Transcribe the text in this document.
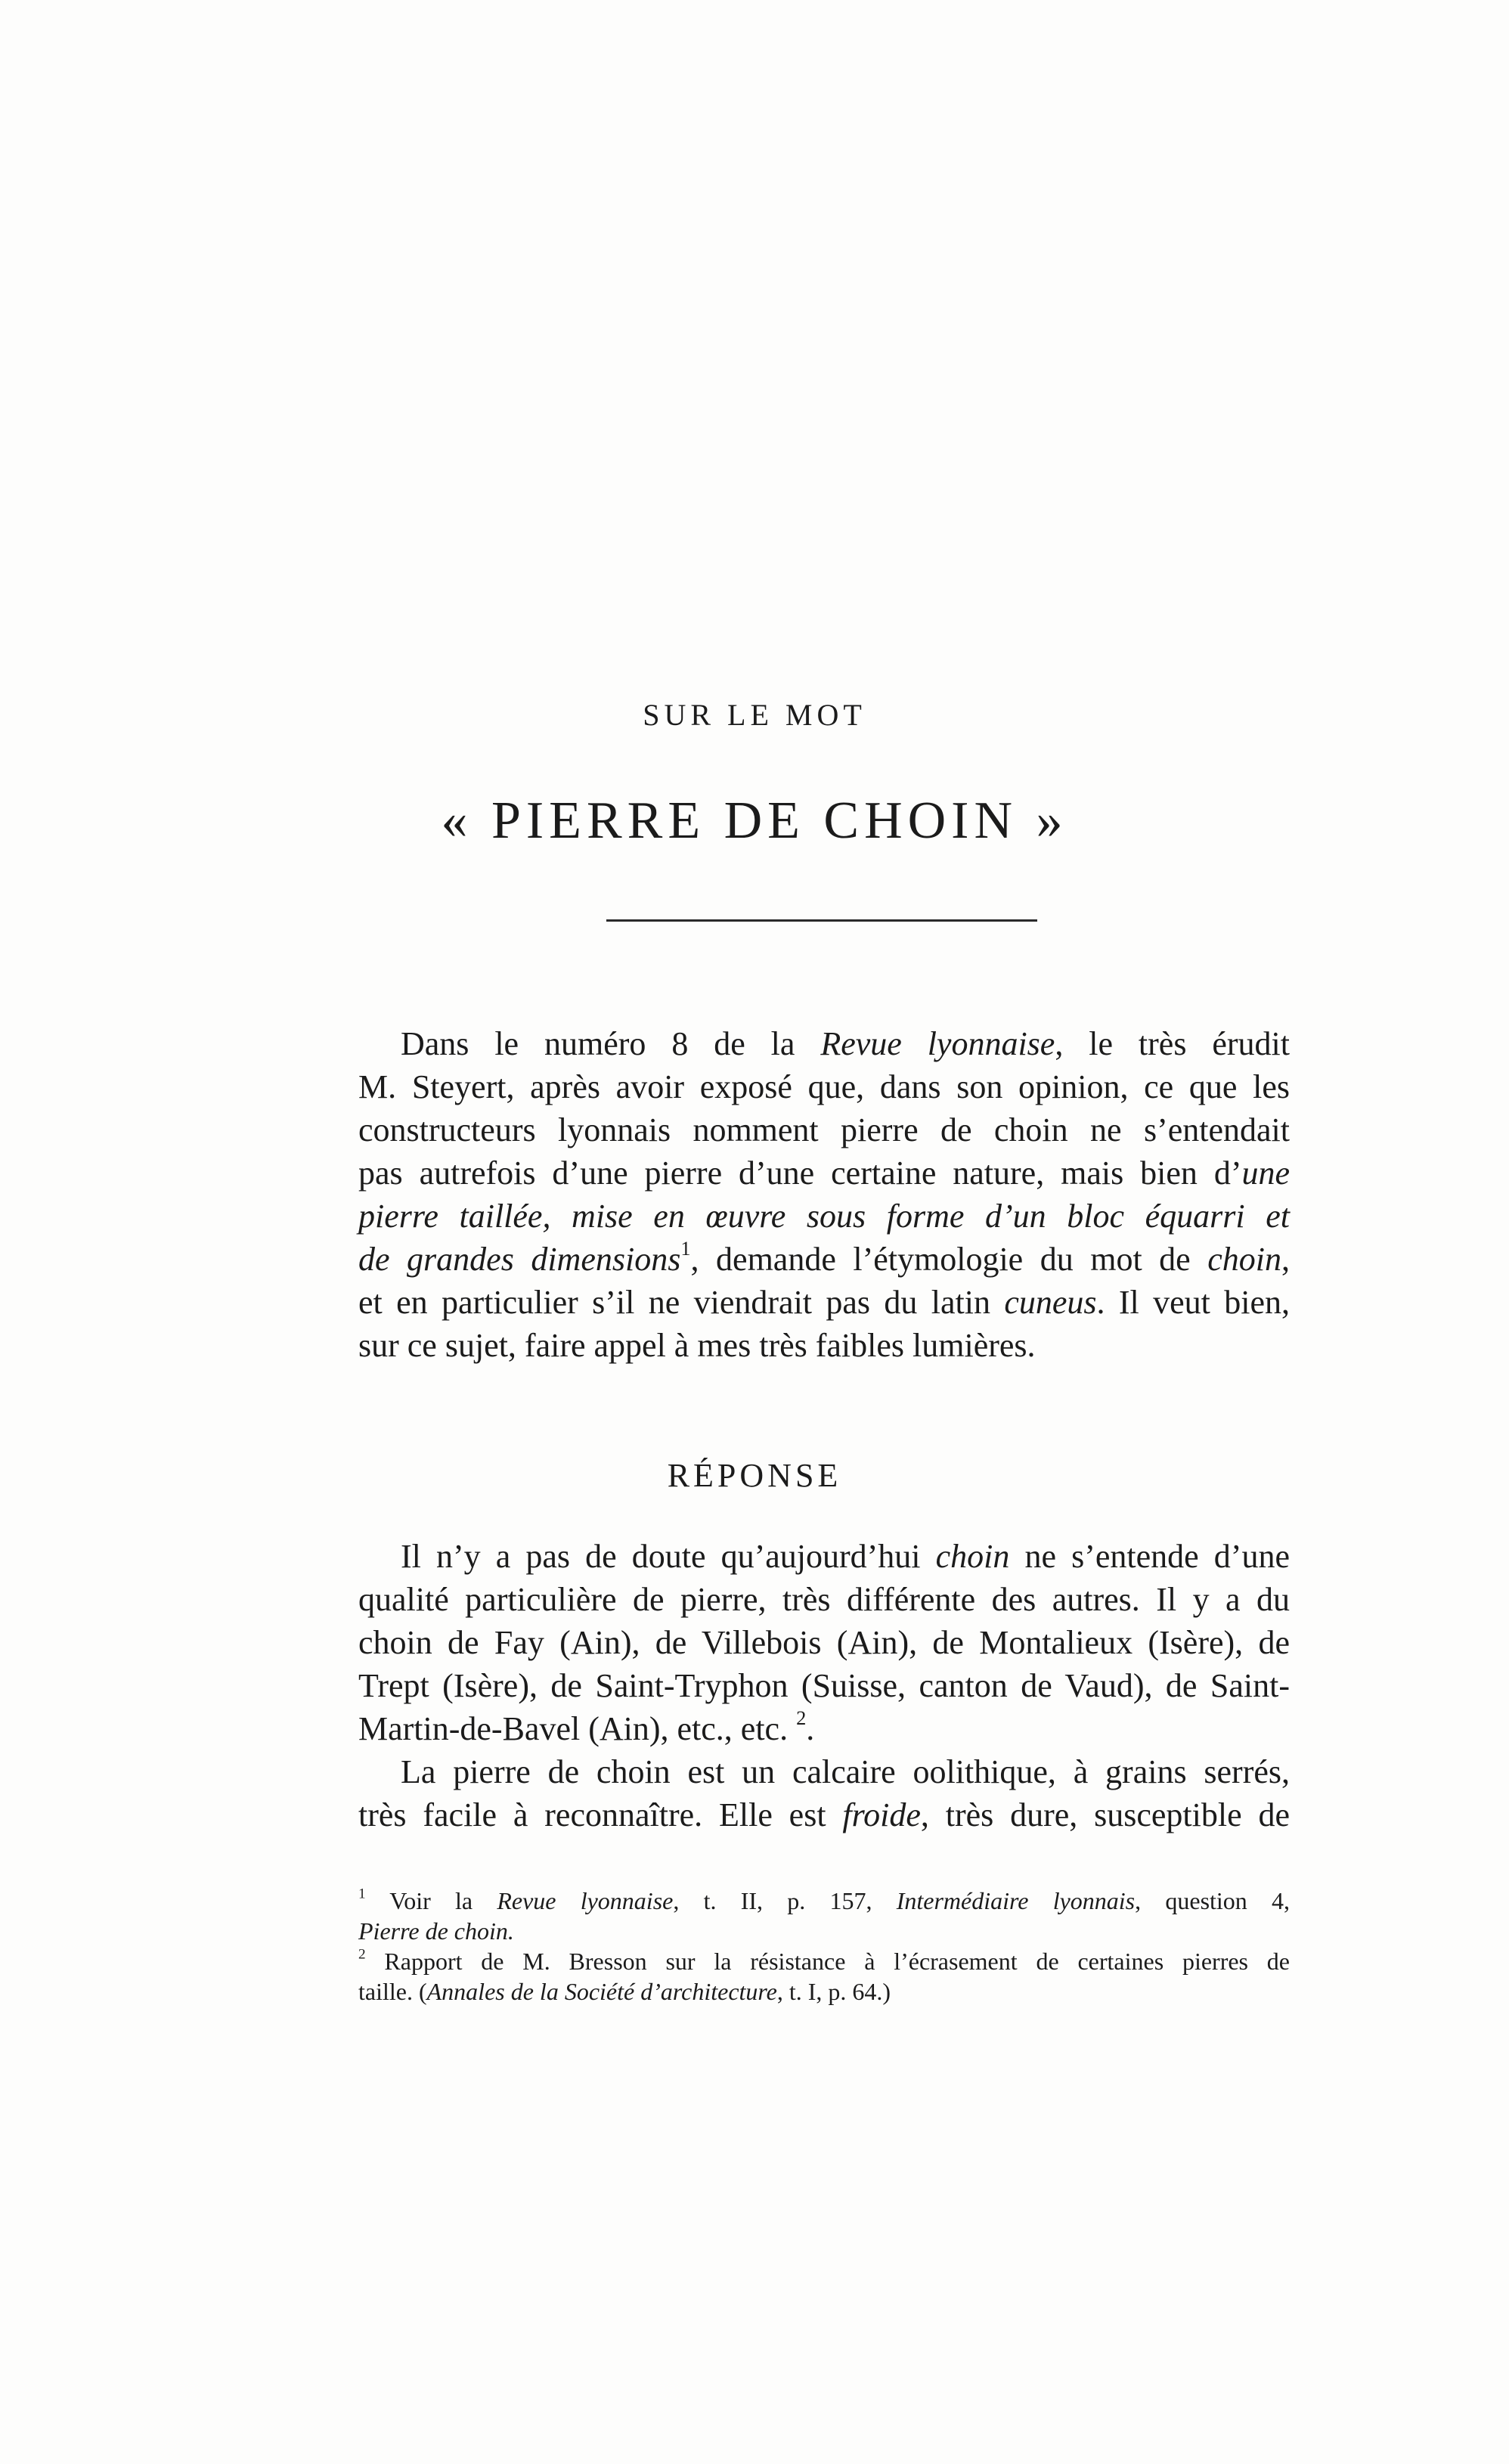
SUR LE MOT
« PIERRE DE CHOIN »
Dans le numéro 8 de la Revue lyonnaise, le très érudit
M. Steyert, après avoir exposé que, dans son opinion, ce que les
constructeurs lyonnais nomment pierre de choin ne s’entendait
pas autrefois d’une pierre d’une certaine nature, mais bien d’une
pierre taillée, mise en œuvre sous forme d’un bloc équarri et
de grandes dimensions$^1$, demande l’étymologie du mot de choin,
et en particulier s’il ne viendrait pas du latin cuneus. Il veut bien,
sur ce sujet, faire appel à mes très faibles lumières.
RÉPONSE
Il n’y a pas de doute qu’aujourd’hui choin ne s’entende d’une
qualité particulière de pierre, très différente des autres. Il y a du
choin de Fay (Ain), de Villebois (Ain), de Montalieux (Isère), de
Trept (Isère), de Saint-Tryphon (Suisse, canton de Vaud), de Saint-
Martin-de-Bavel (Ain), etc., etc. $^2$.
La pierre de choin est un calcaire oolithique, à grains serrés,
très facile à reconnaître. Elle est froide, très dure, susceptible de
$^1$ Voir la Revue lyonnaise, t. II, p. 157, Intermédiaire lyonnais, question 4,
Pierre de choin.
$^2$ Rapport de M. Bresson sur la résistance à l’écrasement de certaines pierres de
taille. (Annales de la Société d’architecture, t. I, p. 64.)
